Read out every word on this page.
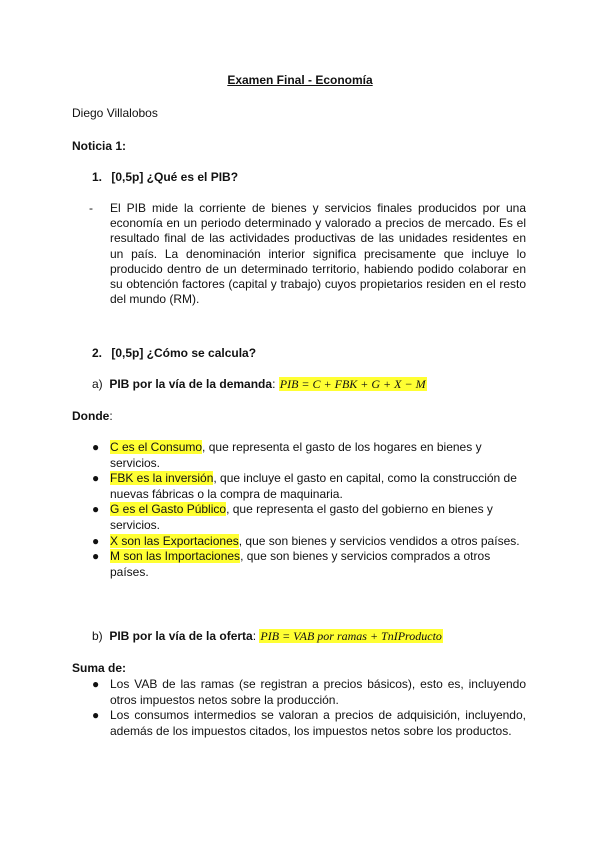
Examen Final - Economía
Diego Villalobos
Noticia 1:
1. [0,5p] ¿Qué es el PIB?
- El PIB mide la corriente de bienes y servicios finales producidos por una economía en un periodo determinado y valorado a precios de mercado. Es el resultado final de las actividades productivas de las unidades residentes en un país. La denominación interior significa precisamente que incluye lo producido dentro de un determinado territorio, habiendo podido colaborar en su obtención factores (capital y trabajo) cuyos propietarios residen en el resto del mundo (RM).
2. [0,5p] ¿Cómo se calcula?
a) PIB por la vía de la demanda: PIB = C + FBK + G + X − M
Donde:
● C es el Consumo, que representa el gasto de los hogares en bienes y servicios.
● FBK es la inversión, que incluye el gasto en capital, como la construcción de nuevas fábricas o la compra de maquinaria.
● G es el Gasto Público, que representa el gasto del gobierno en bienes y servicios.
● X son las Exportaciones, que son bienes y servicios vendidos a otros países.
● M son las Importaciones, que son bienes y servicios comprados a otros países.
b) PIB por la vía de la oferta: PIB = VAB por ramas + TnIProducto
Suma de:
● Los VAB de las ramas (se registran a precios básicos), esto es, incluyendo otros impuestos netos sobre la producción.
● Los consumos intermedios se valoran a precios de adquisición, incluyendo, además de los impuestos citados, los impuestos netos sobre los productos.
